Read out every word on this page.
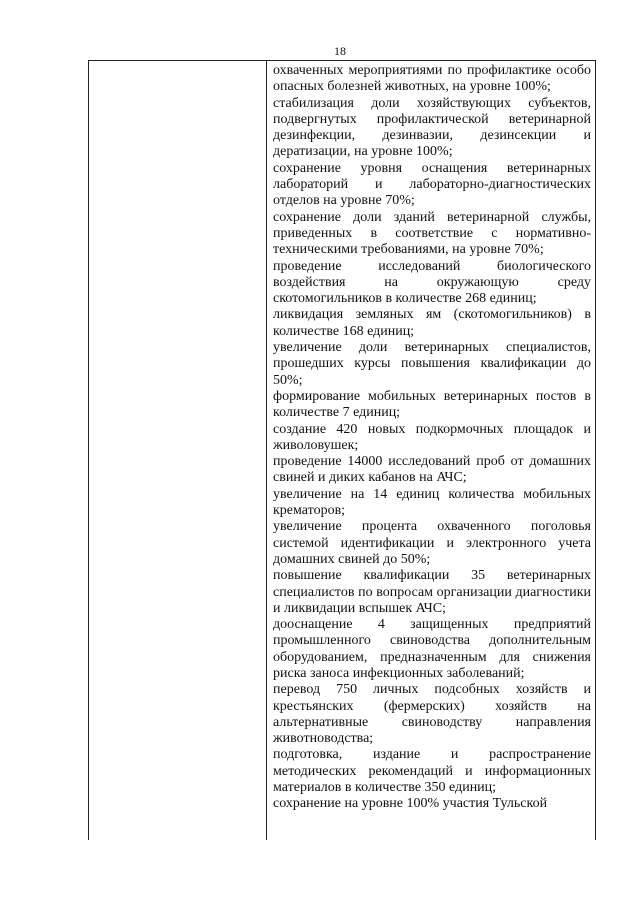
18

охваченных мероприятиями по профилактике особо опасных болезней животных, на уровне 100%;

стабилизация доли хозяйствующих субъектов, подвергнутых профилактической ветеринарной дезинфекции, дезинвазии, дезинсекции и дератизации, на уровне 100%;

сохранение уровня оснащения ветеринарных лабораторий и лабораторно-диагностических отделов на уровне 70%;

сохранение доли зданий ветеринарной службы, приведенных в соответствие с нормативно-техническими требованиями, на уровне 70%;

проведение исследований биологического воздействия на окружающую среду скотомогильников в количестве 268 единиц;

ликвидация земляных ям (скотомогильников) в количестве 168 единиц;

увеличение доли ветеринарных специалистов, прошедших курсы повышения квалификации до 50%;

формирование мобильных ветеринарных постов в количестве 7 единиц;

создание 420 новых подкормочных площадок и живоловушек;

проведение 14000 исследований проб от домашних свиней и диких кабанов на АЧС;

увеличение на 14 единиц количества мобильных крематоров;

увеличение процента охваченного поголовья системой идентификации и электронного учета домашних свиней до 50%;

повышение квалификации 35 ветеринарных специалистов по вопросам организации диагностики и ликвидации вспышек АЧС;

дооснащение 4 защищенных предприятий промышленного свиноводства дополнительным оборудованием, предназначенным для снижения риска заноса инфекционных заболеваний;

перевод 750 личных подсобных хозяйств и крестьянских (фермерских) хозяйств на альтернативные свиноводству направления животноводства;

подготовка, издание и распространение методических рекомендаций и информационных материалов в количестве 350 единиц;

сохранение на уровне 100% участия Тульской
